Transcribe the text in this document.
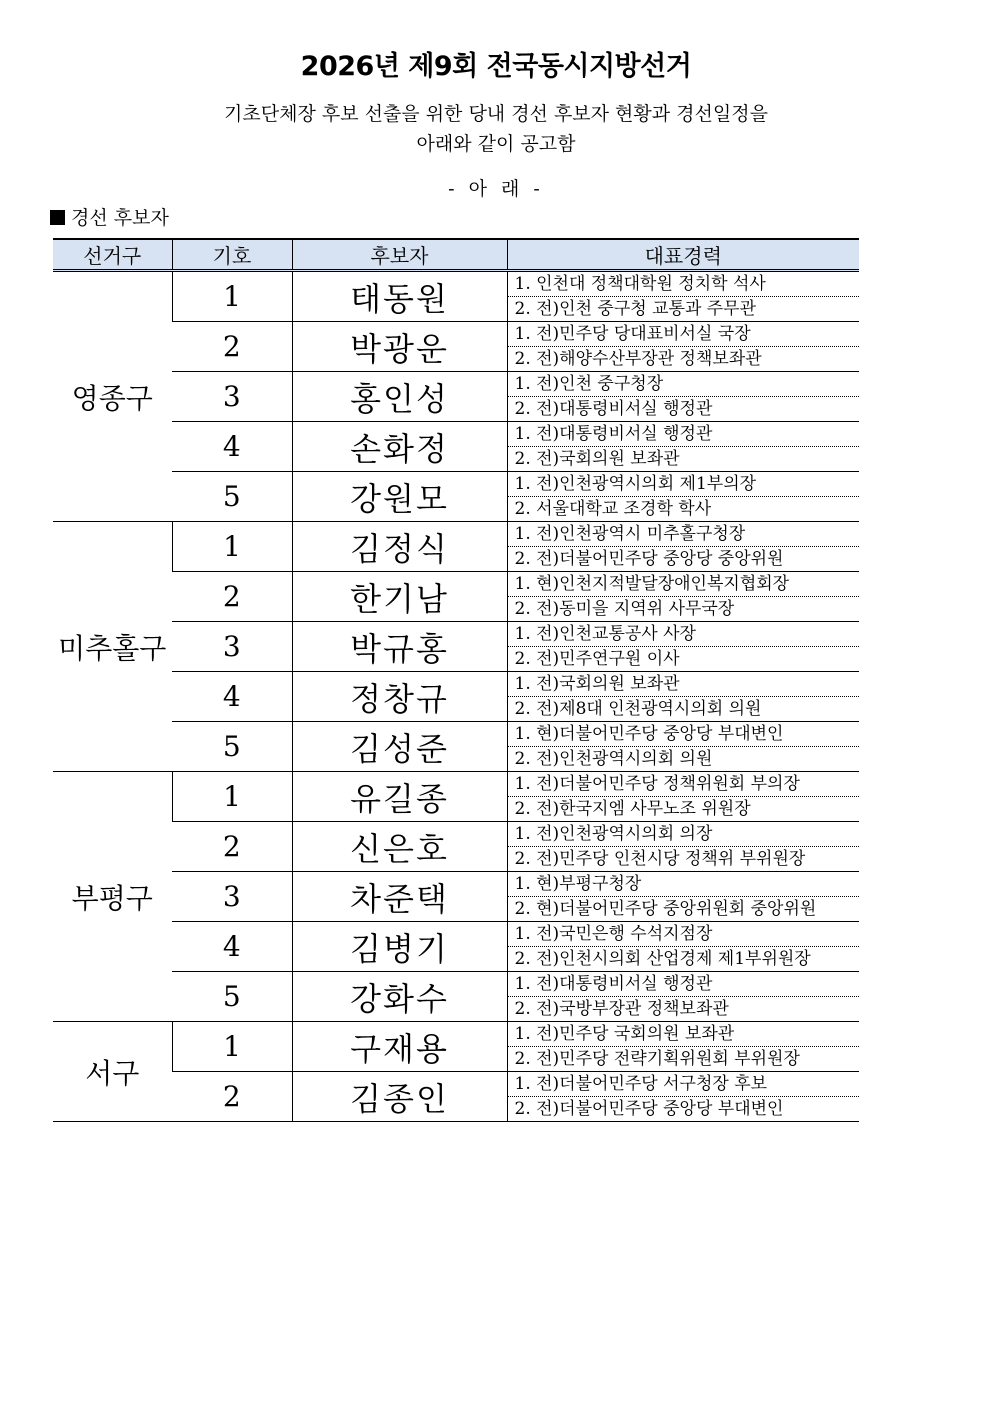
2026년 제9회 전국동시지방선거
기초단체장 후보 선출을 위한 당내 경선 후보자 현황과 경선일정을
아래와 같이 공고함
- 아 래 -
경선 후보자
선거구	기호	후보자	대표경력
영종구	1	태동원	1. 인천대 정책대학원 정치학 석사
2. 전)인천 중구청 교통과 주무관

	2	박광운	1. 전)민주당 당대표비서실 국장
2. 전)해양수산부장관 정책보좌관

	3	홍인성	1. 전)인천 중구청장
2. 전)대통령비서실 행정관

	4	손화정	1. 전)대통령비서실 행정관
2. 전)국회의원 보좌관

	5	강원모	1. 전)인천광역시의회 제1부의장
2. 서울대학교 조경학 학사

미추홀구	1	김정식	1. 전)인천광역시 미추홀구청장
2. 전)더불어민주당 중앙당 중앙위원

	2	한기남	1. 현)인천지적발달장애인복지협회장
2. 전)동미을 지역위 사무국장

	3	박규홍	1. 전)인천교통공사 사장
2. 전)민주연구원 이사

	4	정창규	1. 전)국회의원 보좌관
2. 전)제8대 인천광역시의회 의원

	5	김성준	1. 현)더불어민주당 중앙당 부대변인
2. 전)인천광역시의회 의원

부평구	1	유길종	1. 전)더불어민주당 정책위원회 부의장
2. 전)한국지엠 사무노조 위원장

	2	신은호	1. 전)인천광역시의회 의장
2. 전)민주당 인천시당 정책위 부위원장

	3	차준택	1. 현)부평구청장
2. 현)더불어민주당 중앙위원회 중앙위원

	4	김병기	1. 전)국민은행 수석지점장
2. 전)인천시의회 산업경제 제1부위원장

	5	강화수	1. 전)대통령비서실 행정관
2. 전)국방부장관 정책보좌관

서구	1	구재용	1. 전)민주당 국회의원 보좌관
2. 전)민주당 전략기획위원회 부위원장

	2	김종인	1. 전)더불어민주당 서구청장 후보
2. 전)더불어민주당 중앙당 부대변인
